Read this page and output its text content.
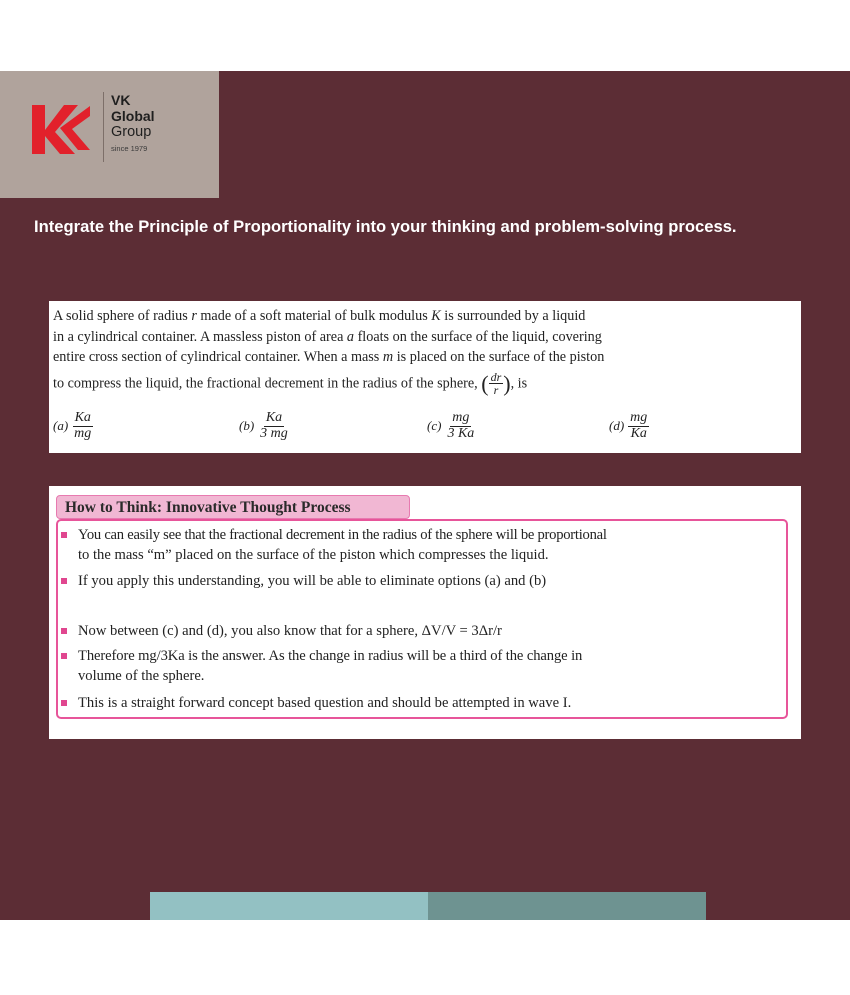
VK
Global
Group
since 1979
Integrate the Principle of Proportionality into your thinking and problem-solving process.
A solid sphere of radius r made of a soft material of bulk modulus K is surrounded by a liquid
in a cylindrical container. A massless piston of area a floats on the surface of the liquid, covering
entire cross section of cylindrical container. When a mass m is placed on the surface of the piston
to compress the liquid, the fractional decrement in the radius of the sphere, ( $\frac{dr}{r}$ ), is
$(a) \frac{Ka}{mg}$	$(b) \frac{Ka}{3 mg}$	$(c) \frac{mg}{3 Ka}$	$(d) \frac{mg}{Ka}$
How to Think: Innovative Thought Process
You can easily see that the fractional decrement in the radius of the sphere will be proportional
to the mass “m” placed on the surface of the piston which compresses the liquid.
If you apply this understanding, you will be able to eliminate options (a) and (b)
Now between (c) and (d), you also know that for a sphere, ΔV/V = 3Δr/r
Therefore mg/3Ka is the answer. As the change in radius will be a third of the change in
volume of the sphere.
This is a straight forward concept based question and should be attempted in wave I.
